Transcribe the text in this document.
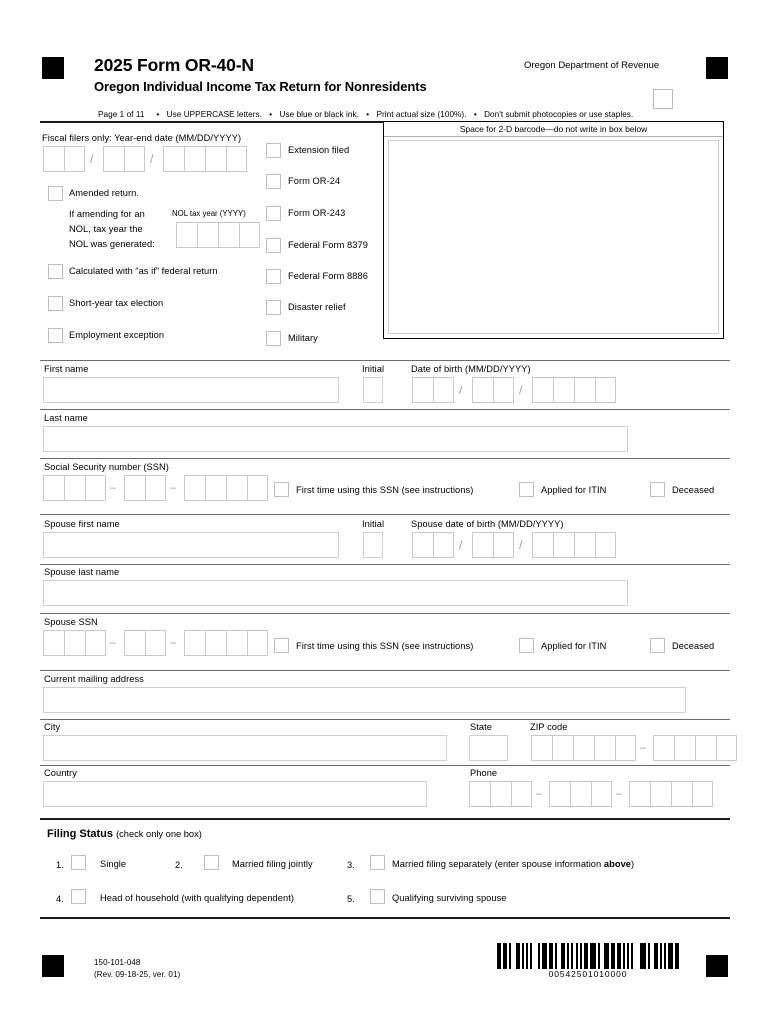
2025 Form OR-40-N
Oregon Individual Income Tax Return for Nonresidents
Oregon Department of Revenue
Page 1 of 11   • Use UPPERCASE letters. • Use blue or black ink. • Print actual size (100%). • Don't submit photocopies or use staples.
Space for 2-D barcode—do not write in box below
Fiscal filers only: Year-end date (MM/DD/YYYY)
/	/
Amended return.
If amending for an
NOL, tax year the
NOL was generated:
NOL tax year (YYYY)
Calculated with “as if” federal return
Short-year tax election
Employment exception
Extension filed
Form OR-24
Form OR-243
Federal Form 8379
Federal Form 8886
Disaster relief
Military
First name	Initial	Date of birth (MM/DD/YYYY)
/	/
Last name
Social Security number (SSN)
–	–	First time using this SSN (see instructions)	Applied for ITIN	Deceased
Spouse first name	Initial	Spouse date of birth (MM/DD/YYYY)
/	/
Spouse last name
Spouse SSN
–	–	First time using this SSN (see instructions)	Applied for ITIN	Deceased
Current mailing address
City	State	ZIP code
–
Country	Phone
–	–
Filing Status (check only one box)
1.	Single	2.	Married filing jointly	3.	Married filing separately (enter spouse information above)
4.	Head of household (with qualifying dependent)	5.	Qualifying surviving spouse
150-101-048
(Rev. 09-18-25, ver. 01)	00542501010000
